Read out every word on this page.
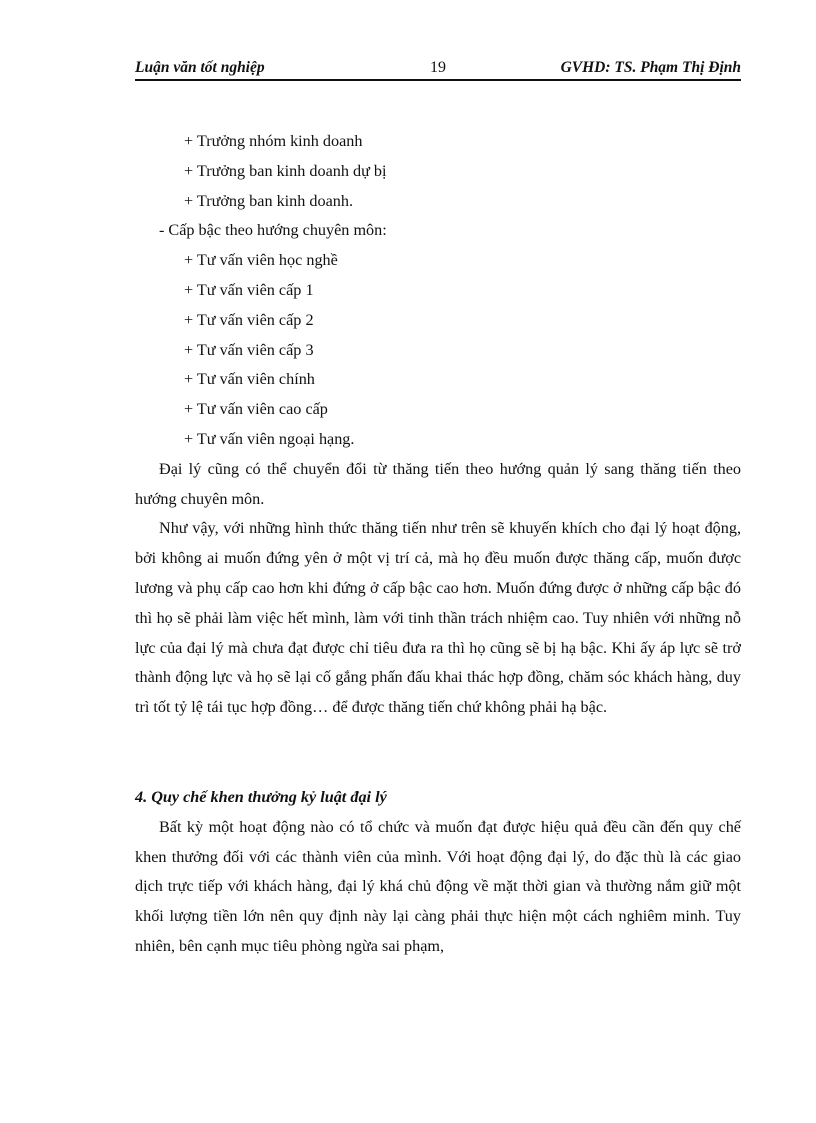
Luận văn tốt nghiệp	19	GVHD: TS. Phạm Thị Định

+ Trưởng nhóm kinh doanh

+ Trưởng ban kinh doanh dự bị

+ Trưởng ban kinh doanh.

- Cấp bậc theo hướng chuyên môn:

+ Tư vấn viên học nghề

+ Tư vấn viên cấp 1

+ Tư vấn viên cấp 2

+ Tư vấn viên cấp 3

+ Tư vấn viên chính

+ Tư vấn viên cao cấp

+ Tư vấn viên ngoại hạng.

Đại lý cũng có thể chuyển đổi từ thăng tiến theo hướng quản lý sang thăng tiến theo hướng chuyên môn.

Như vậy, với những hình thức thăng tiến như trên sẽ khuyến khích cho đại lý hoạt động, bởi không ai muốn đứng yên ở một vị trí cả, mà họ đều muốn được thăng cấp, muốn được lương và phụ cấp cao hơn khi đứng ở cấp bậc cao hơn. Muốn đứng được ở những cấp bậc đó thì họ sẽ phải làm việc hết mình, làm với tinh thần trách nhiệm cao. Tuy nhiên với những nỗ lực của đại lý mà chưa đạt được chỉ tiêu đưa ra thì họ cũng sẽ bị hạ bậc. Khi ấy áp lực sẽ trở thành động lực và họ sẽ lại cố gắng phấn đấu khai thác hợp đồng, chăm sóc khách hàng, duy trì tốt tỷ lệ tái tục hợp đồng… để được thăng tiến chứ không phải hạ bậc.

4. Quy chế khen thưởng kỷ luật đại lý

Bất kỳ một hoạt động nào có tổ chức và muốn đạt được hiệu quả đều cần đến quy chế khen thưởng đối với các thành viên của mình. Với hoạt động đại lý, do đặc thù là các giao dịch trực tiếp với khách hàng, đại lý khá chủ động về mặt thời gian và thường nắm giữ một khối lượng tiền lớn nên quy định này lại càng phải thực hiện một cách nghiêm minh. Tuy nhiên, bên cạnh mục tiêu phòng ngừa sai phạm,
